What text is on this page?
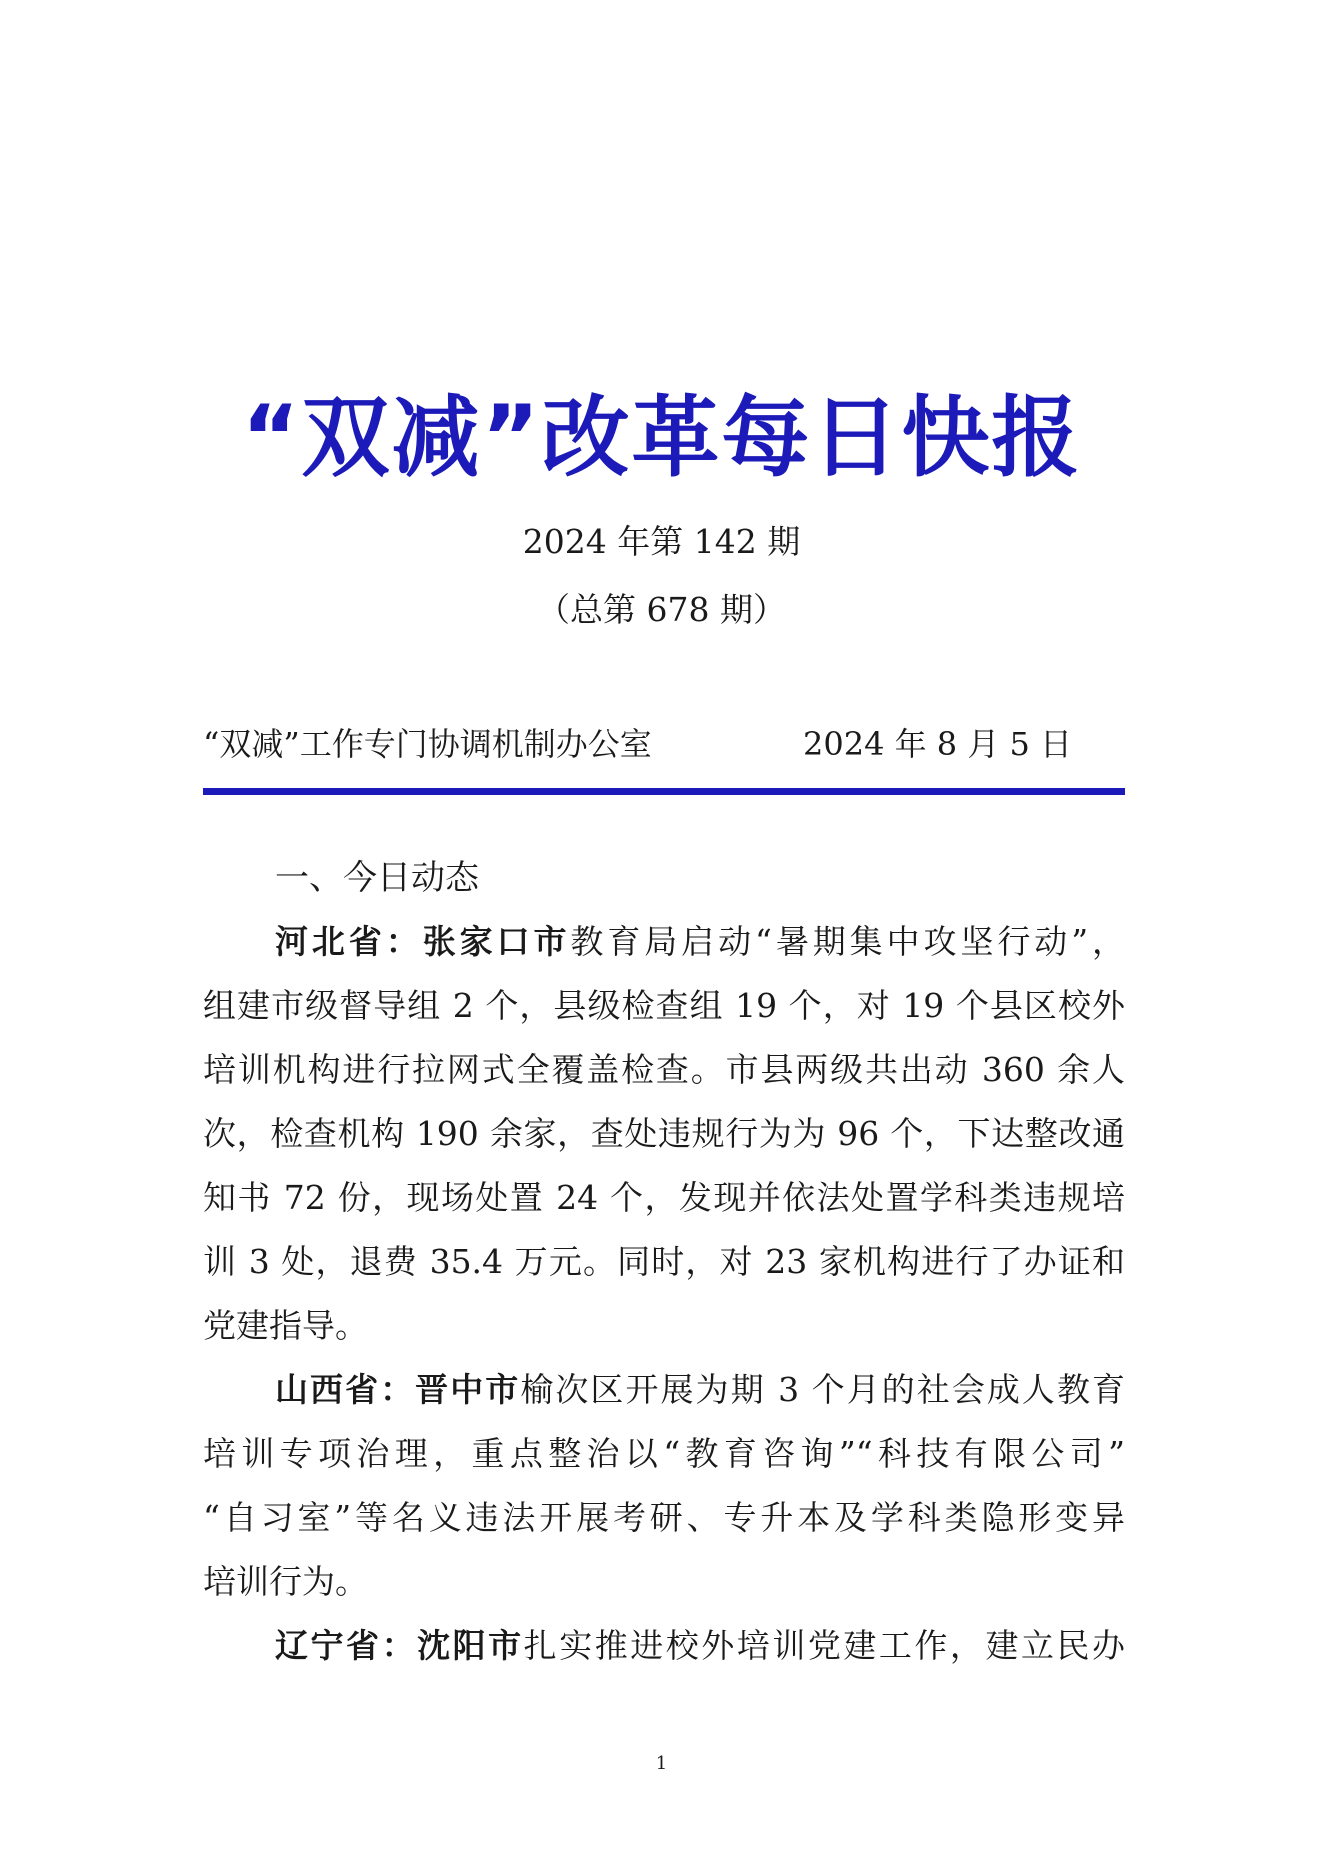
“双减”改革每日快报
2024 年第 142 期
（总第 678 期）
“双减”工作专门协调机制办公室	2024 年 8 月 5 日
一、今日动态
河北省：张家口市教育局启动“暑期集中攻坚行动”，
组建市级督导组 2 个，县级检查组 19 个，对 19 个县区校外
培训机构进行拉网式全覆盖检查。市县两级共出动 360 余人
次，检查机构 190 余家，查处违规行为为 96 个，下达整改通
知书 72 份，现场处置 24 个，发现并依法处置学科类违规培
训 3 处，退费 35.4 万元。同时，对 23 家机构进行了办证和
党建指导。
山西省：晋中市榆次区开展为期 3 个月的社会成人教育
培训专项治理，重点整治以“教育咨询”“科技有限公司”
“自习室”等名义违法开展考研、专升本及学科类隐形变异
培训行为。
辽宁省：沈阳市扎实推进校外培训党建工作，建立民办
1
